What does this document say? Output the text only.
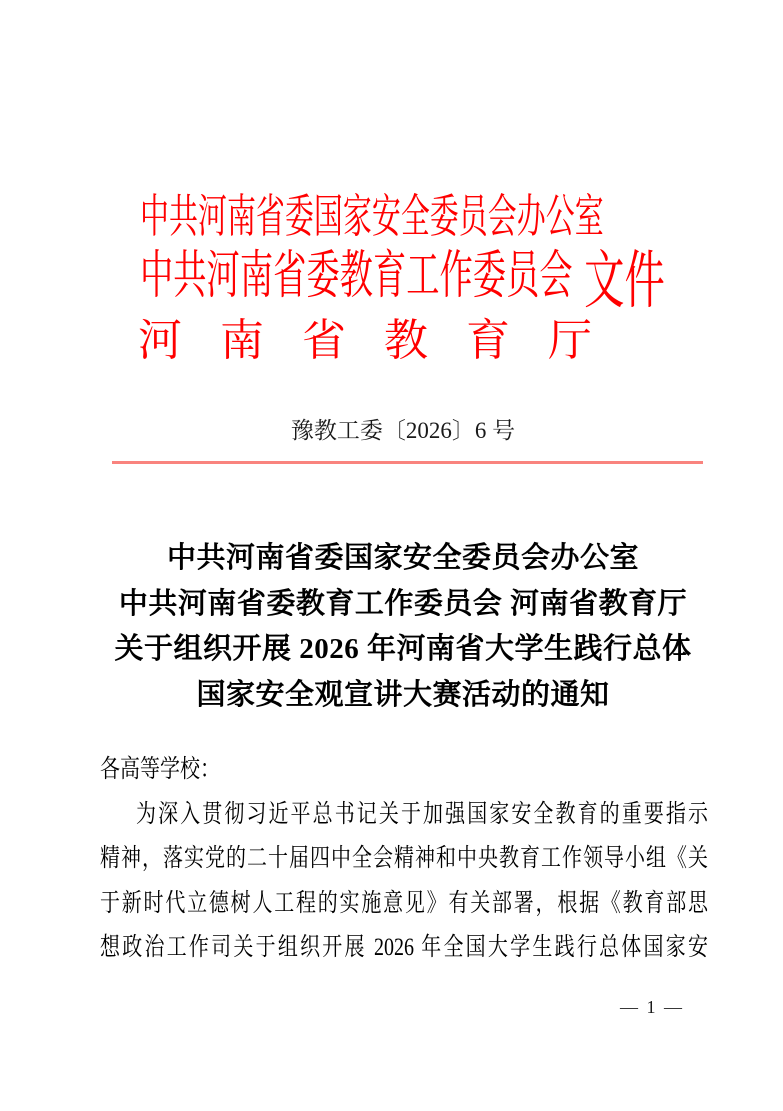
中共河南省委国家安全委员会办公室
中共河南省委教育工作委员会 文件
河南省教育厅
豫教工委〔2026〕6 号
中共河南省委国家安全委员会办公室
中共河南省委教育工作委员会 河南省教育厅
关于组织开展 2026 年河南省大学生践行总体
国家安全观宣讲大赛活动的通知
各高等学校：
为深入贯彻习近平总书记关于加强国家安全教育的重要指示
精神，落实党的二十届四中全会精神和中央教育工作领导小组《关
于新时代立德树人工程的实施意见》有关部署，根据《教育部思
想政治工作司关于组织开展 2026 年全国大学生践行总体国家安
— 1 —
